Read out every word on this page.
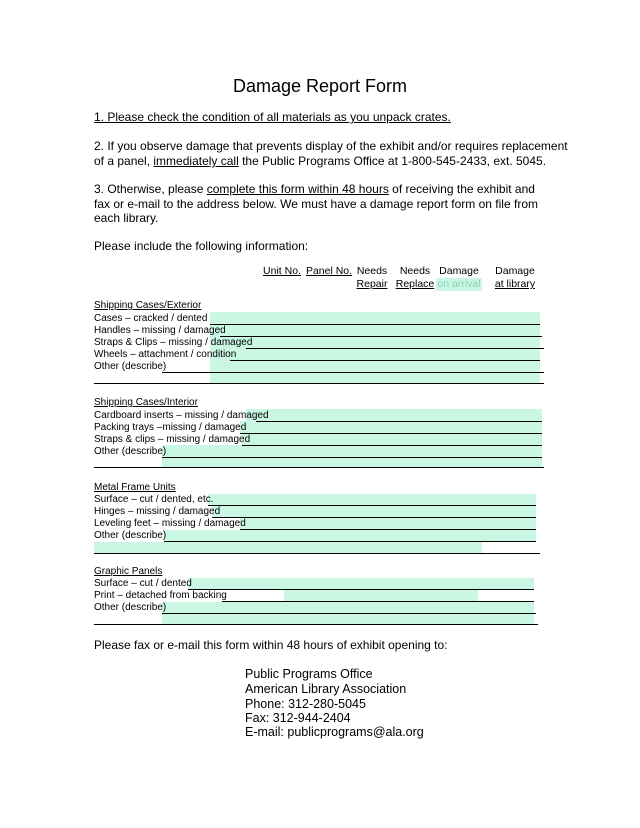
Damage Report Form
1. Please check the condition of all materials as you unpack crates.
2. If you observe damage that prevents display of the exhibit and/or requires replacement
of a panel, immediately call the Public Programs Office at 1-800-545-2433, ext. 5045.
3. Otherwise, please complete this form within 48 hours of receiving the exhibit and
fax or e-mail to the address below. We must have a damage report form on file from
each library.
Please include the following information:
Unit No. Panel No. Needs
Repair
Needs
Replace
Damage
on arrival
Damage
at library
Shipping Cases/Exterior
Cases – cracked / dented
Handles – missing / damaged
Straps & Clips – missing / damaged
Wheels – attachment / condition
Other (describe)
Shipping Cases/Interior
Cardboard inserts – missing / damaged
Packing trays –missing / damaged
Straps & clips – missing / damaged
Other (describe)
Metal Frame Units
Surface – cut / dented, etc.
Hinges – missing / damaged
Leveling feet – missing / damaged
Other (describe)
Graphic Panels
Surface – cut / dented
Print – detached from backing
Other (describe)
Please fax or e-mail this form within 48 hours of exhibit opening to:
Public Programs Office
American Library Association
Phone: 312-280-5045
Fax: 312-944-2404
E-mail: publicprograms@ala.org
